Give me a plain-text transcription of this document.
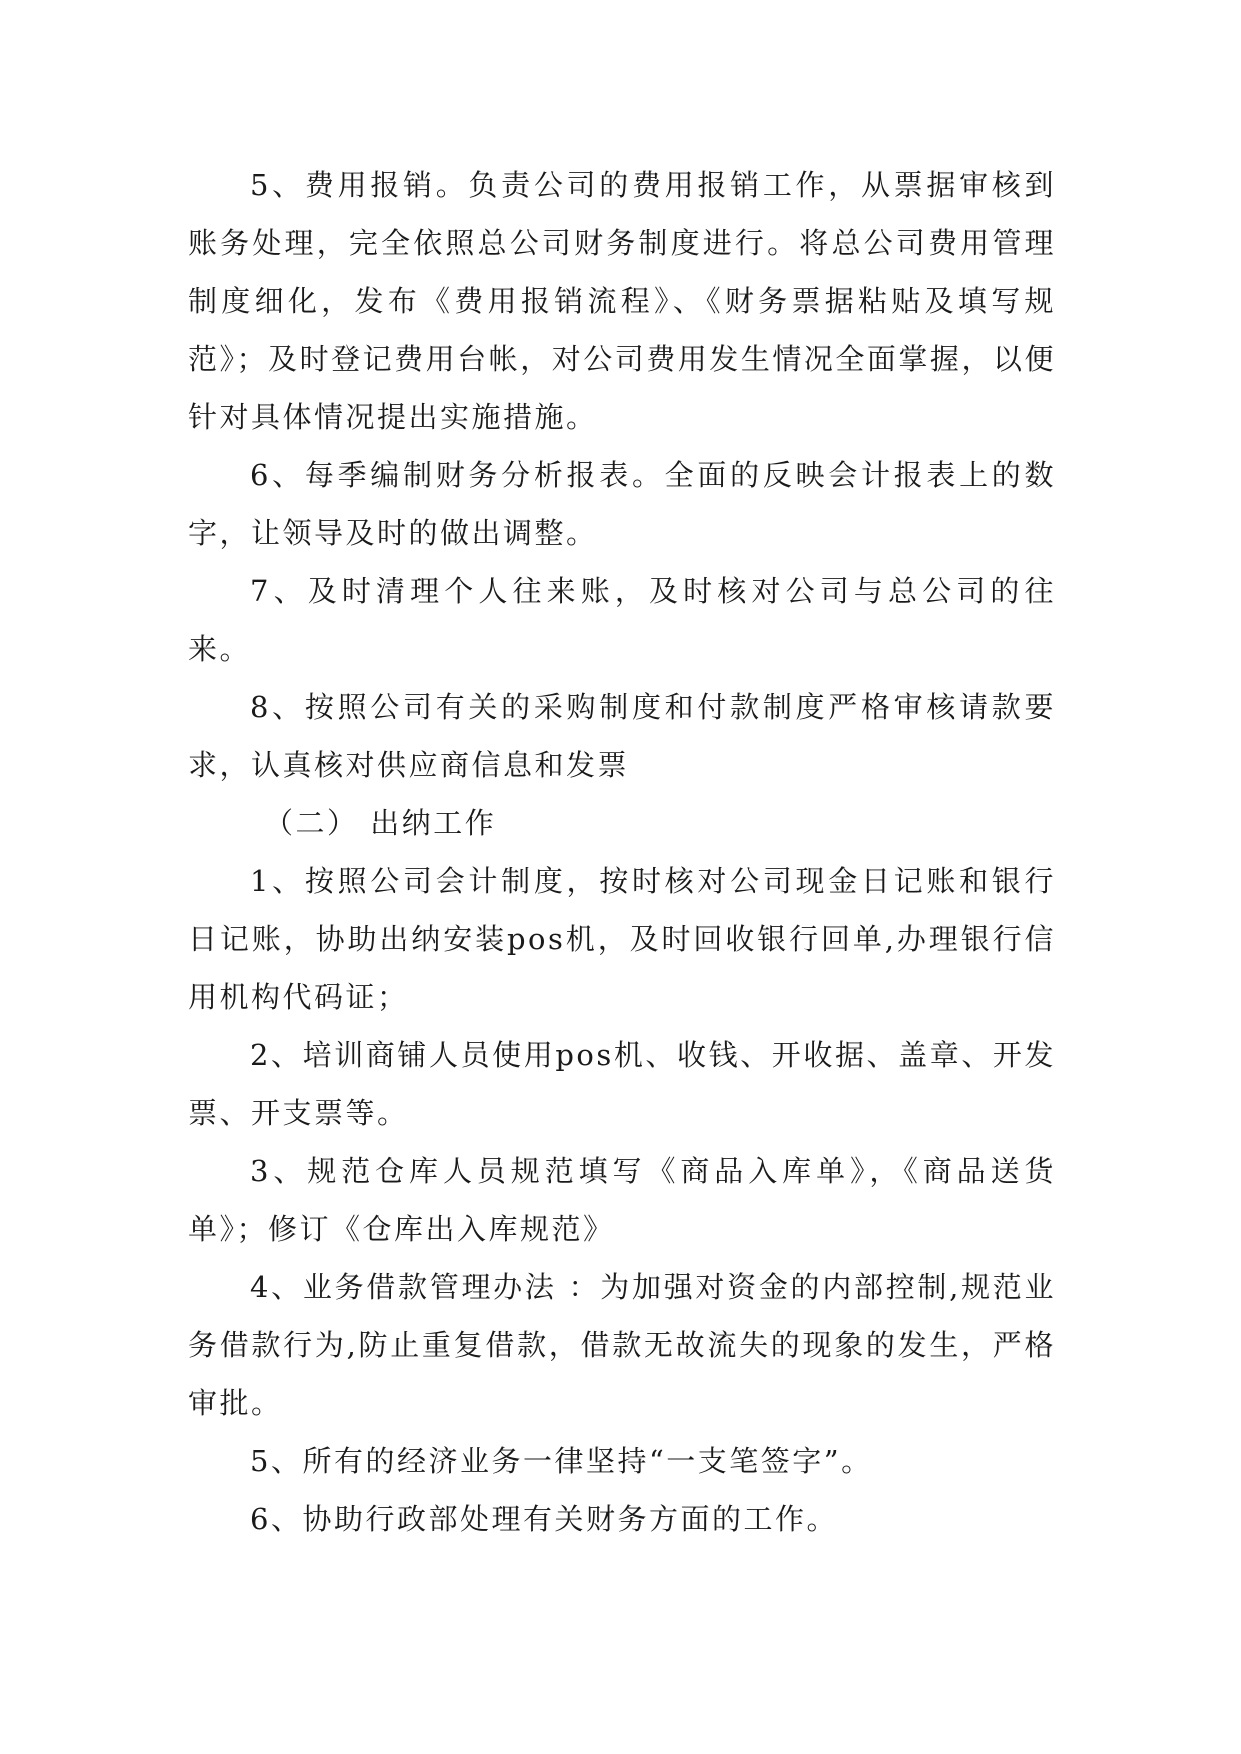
5、费用报销。负责公司的费用报销工作，从票据审核到账务处理，完全依照总公司财务制度进行。将总公司费用管理制度细化，发布《费用报销流程》、《财务票据粘贴及填写规范》；及时登记费用台帐，对公司费用发生情况全面掌握，以便针对具体情况提出实施措施。

6、每季编制财务分析报表。全面的反映会计报表上的数字，让领导及时的做出调整。

7、及时清理个人往来账，及时核对公司与总公司的往来。

8、按照公司有关的采购制度和付款制度严格审核请款要求，认真核对供应商信息和发票

（二） 出纳工作

1、按照公司会计制度，按时核对公司现金日记账和银行日记账，协助出纳安装pos机，及时回收银行回单,办理银行信用机构代码证；

2、培训商铺人员使用pos机、收钱、开收据、盖章、开发票、开支票等。

3、规范仓库人员规范填写《商品入库单》，《商品送货单》；修订《仓库出入库规范》

4、业务借款管理办法 ：为加强对资金的内部控制,规范业务借款行为,防止重复借款，借款无故流失的现象的发生，严格审批。

5、所有的经济业务一律坚持“一支笔签字”。

6、协助行政部处理有关财务方面的工作。
